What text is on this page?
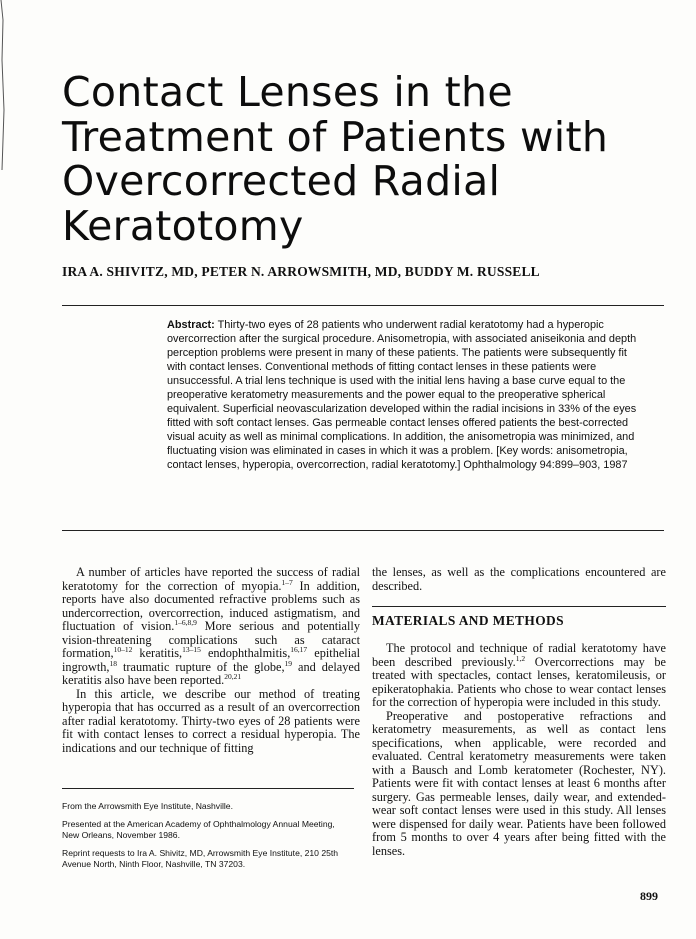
Contact Lenses in the Treatment of Patients with Overcorrected Radial Keratotomy
IRA A. SHIVITZ, MD, PETER N. ARROWSMITH, MD, BUDDY M. RUSSELL

Abstract: Thirty-two eyes of 28 patients who underwent radial keratotomy had a hyperopic overcorrection after the surgical procedure. Anisometropia, with associated aniseikonia and depth perception problems were present in many of these patients. The patients were subsequently fit with contact lenses. Conventional methods of fitting contact lenses in these patients were unsuccessful. A trial lens technique is used with the initial lens having a base curve equal to the preoperative keratometry measurements and the power equal to the preoperative spherical equivalent. Superficial neovascularization developed within the radial incisions in 33% of the eyes fitted with soft contact lenses. Gas permeable contact lenses offered patients the best-corrected visual acuity as well as minimal complications. In addition, the anisometropia was minimized, and fluctuating vision was eliminated in cases in which it was a problem. [Key words: anisometropia, contact lenses, hyperopia, overcorrection, radial keratotomy.] Ophthalmology 94:899–903, 1987

A number of articles have reported the success of radial keratotomy for the correction of myopia.$^{1-7}$ In addition, reports have also documented refractive problems such as undercorrection, overcorrection, induced astigmatism, and fluctuation of vision.$^{1-6,8,9}$ More serious and potentially vision-threatening complications such as cataract formation,$^{10-12}$ keratitis,$^{13-15}$ endophthalmitis,$^{16,17}$ epithelial ingrowth,$^{18}$ traumatic rupture of the globe,$^{19}$ and delayed keratitis also have been reported.$^{20,21}$

In this article, we describe our method of treating hyperopia that has occurred as a result of an overcorrection after radial keratotomy. Thirty-two eyes of 28 patients were fit with contact lenses to correct a residual hyperopia. The indications and our technique of fitting

From the Arrowsmith Eye Institute, Nashville.
Presented at the American Academy of Ophthalmology Annual Meeting, New Orleans, November 1986.
Reprint requests to Ira A. Shivitz, MD, Arrowsmith Eye Institute, 210 25th Avenue North, Ninth Floor, Nashville, TN 37203.

the lenses, as well as the complications encountered are described.

MATERIALS AND METHODS

The protocol and technique of radial keratotomy have been described previously.$^{1,2}$ Overcorrections may be treated with spectacles, contact lenses, keratomileusis, or epikeratophakia. Patients who chose to wear contact lenses for the correction of hyperopia were included in this study.

Preoperative and postoperative refractions and keratometry measurements, as well as contact lens specifications, when applicable, were recorded and evaluated. Central keratometry measurements were taken with a Bausch and Lomb keratometer (Rochester, NY). Patients were fit with contact lenses at least 6 months after surgery. Gas permeable lenses, daily wear, and extended-wear soft contact lenses were used in this study. All lenses were dispensed for daily wear. Patients have been followed from 5 months to over 4 years after being fitted with the lenses.

899
